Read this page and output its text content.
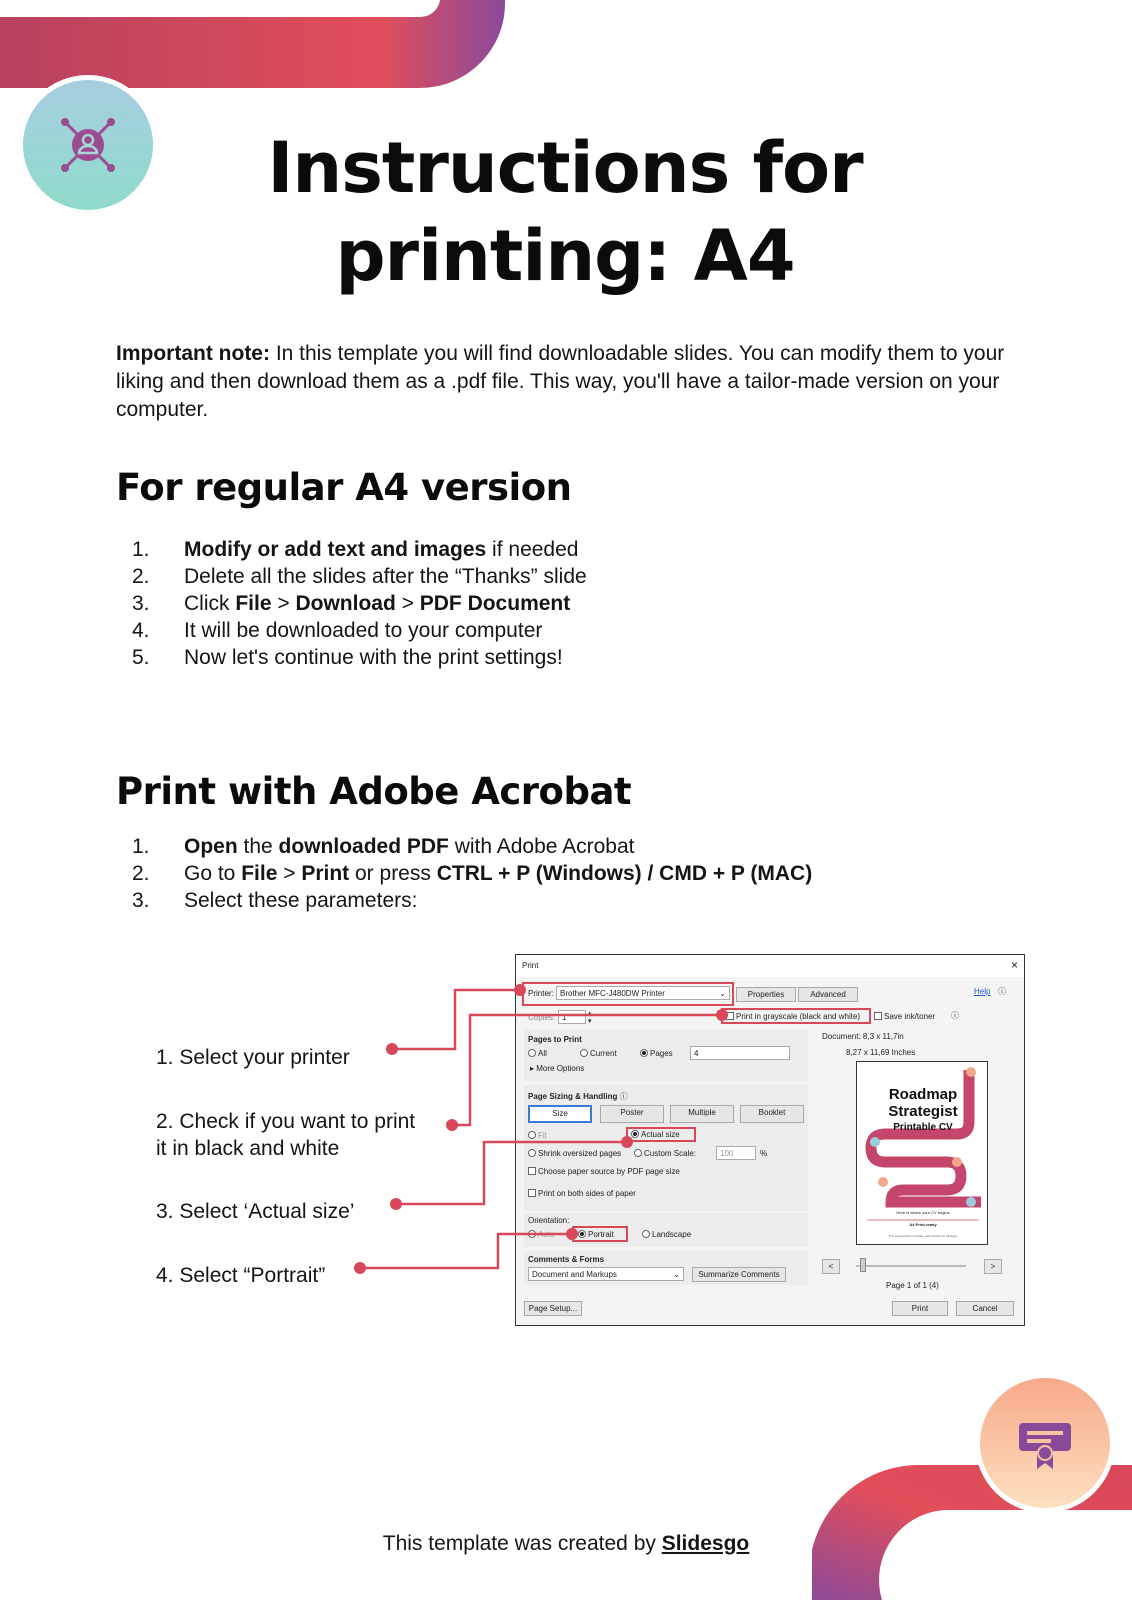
Instructions for
printing: A4

Important note: In this template you will find downloadable slides. You can modify them to your liking and then download them as a .pdf file. This way, you'll have a tailor-made version on your computer.

For regular A4 version
1.	Modify or add text and images if needed
2.	Delete all the slides after the “Thanks” slide
3.	Click File > Download > PDF Document
4.	It will be downloaded to your computer
5.	Now let's continue with the print settings!
Print with Adobe Acrobat
1.	Open the downloaded PDF with Adobe Acrobat
2.	Go to File > Print or press CTRL + P (Windows) / CMD + P (MAC)
3.	Select these parameters:
1. Select your printer
2. Check if you want to print
it in black and white
3. Select ‘Actual size’
4. Select “Portrait”
Print	×
Printer: Brother MFC-J480DW Printer	⌄	Properties	Advanced	Help ⓘ
Copies: 1	▴
▾
Print in grayscale (black and white)	Save ink/toner ⓘ
Pages to Print
All	Current	Pages	4
▸ More Options
Page Sizing & Handling ⓘ
Size	Poster	Multiple	Booklet
Fit	Actual size
Shrink oversized pages	Custom Scale:	100	%
Choose paper source by PDF page size
Print on both sides of paper
Orientation:
Auto	Portrait	Landscape
Comments & Forms
Document and Markups	⌄	Summarize Comments
Page Setup...
Document: 8,3 x 11,7in
8,27 x 11,69 Inches
Roadmap
Strategist
Printable CV
Here is where your CV begins
A4 Print-ready
This presentation template was created by Slidesgo
<	>
Page 1 of 1 (4)
Print	Cancel
This template was created by Slidesgo
